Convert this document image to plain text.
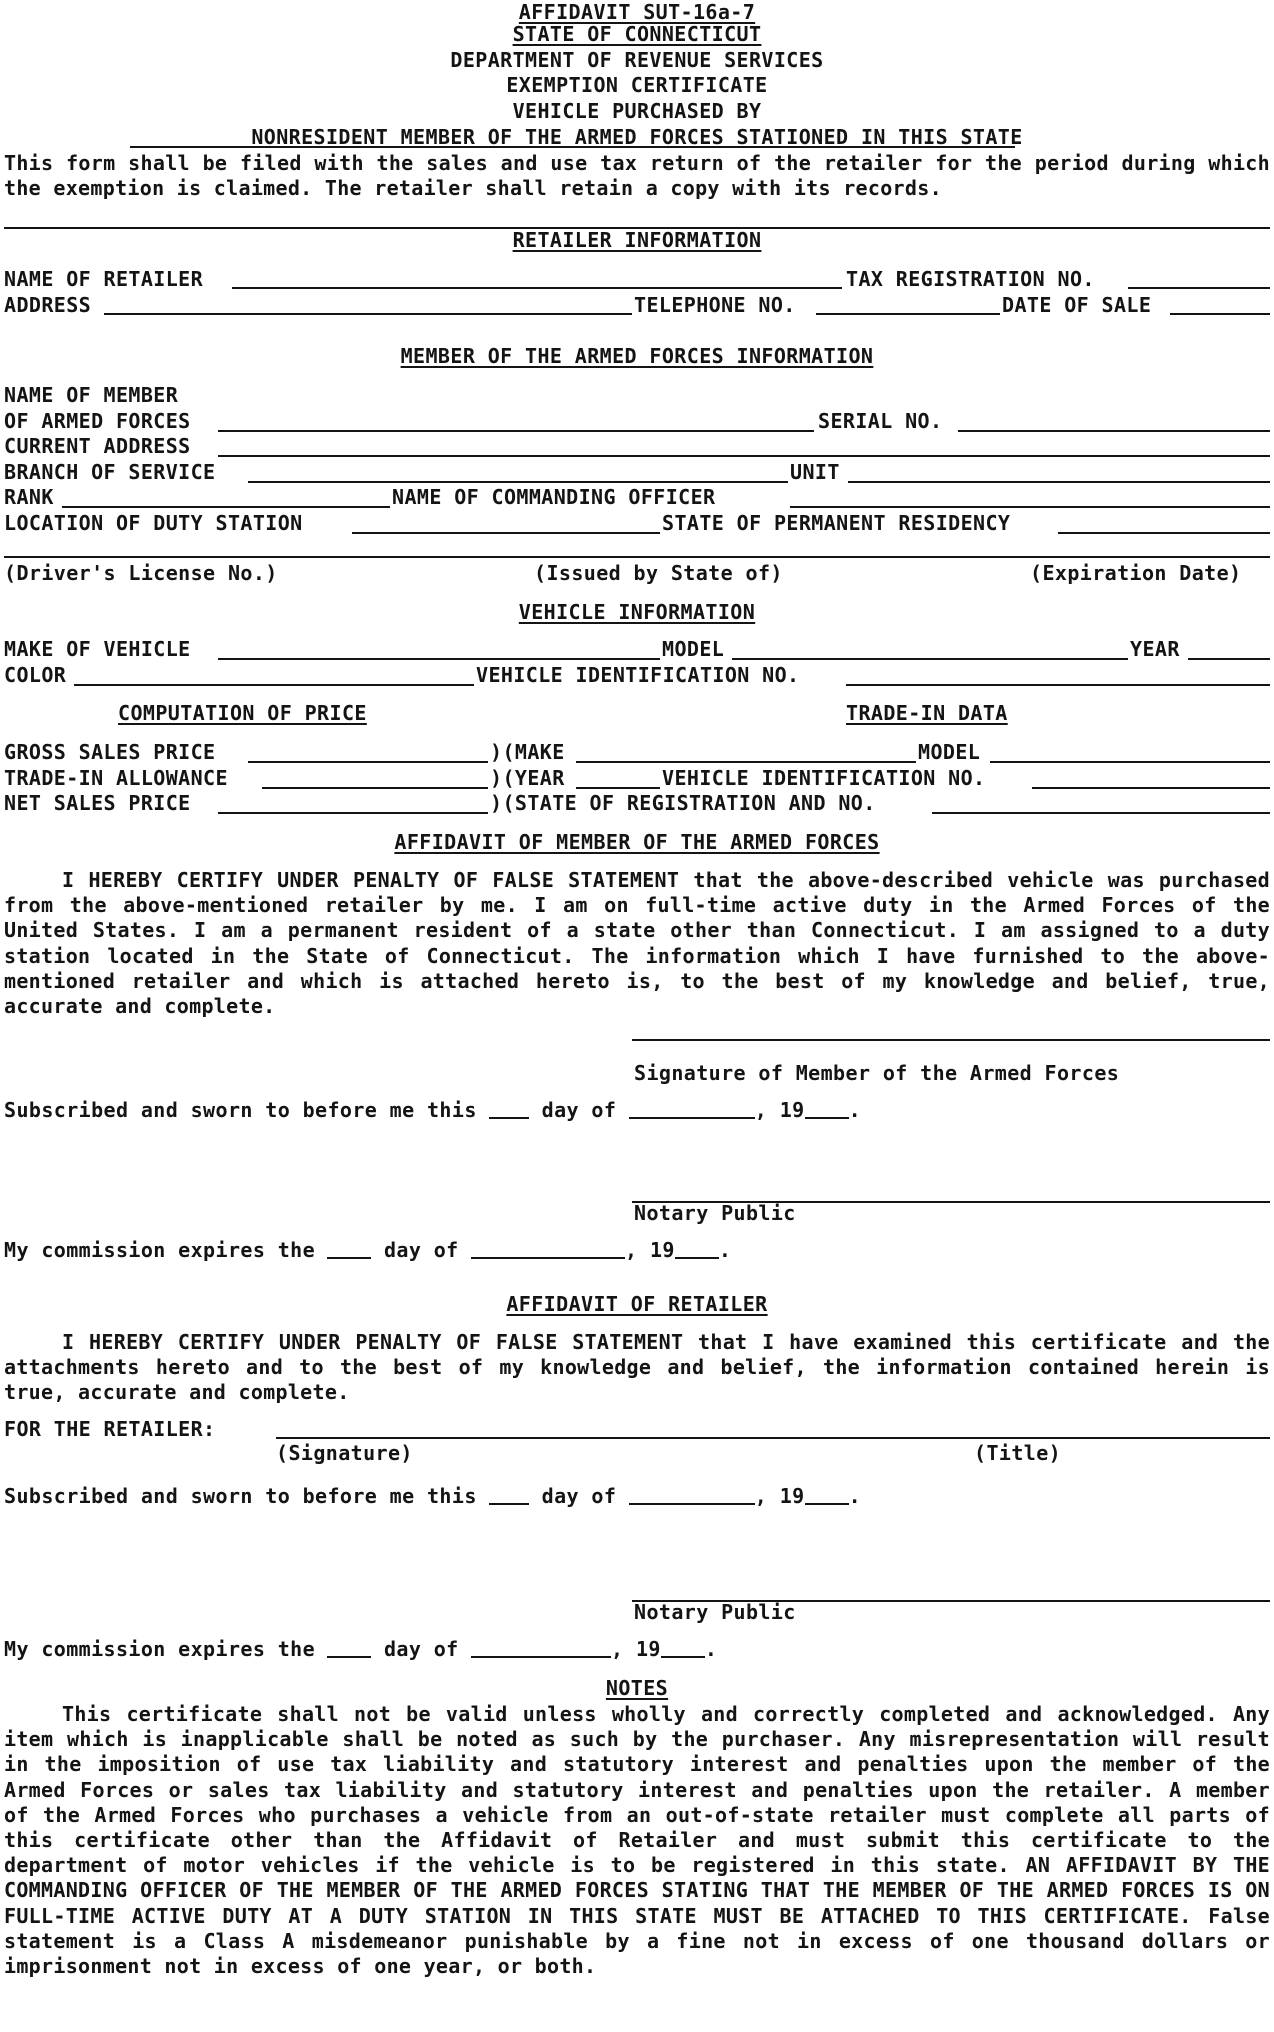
AFFIDAVIT SUT-16a-7
STATE OF CONNECTICUT
DEPARTMENT OF REVENUE SERVICES
EXEMPTION CERTIFICATE
VEHICLE PURCHASED BY
NONRESIDENT MEMBER OF THE ARMED FORCES STATIONED IN THIS STATE
This form shall be filed with the sales and use tax return of the retailer for the period during which the exemption is claimed. The retailer shall retain a copy with its records.
RETAILER INFORMATION
NAME OF RETAILER	TAX REGISTRATION NO.
ADDRESS	TELEPHONE NO.	DATE OF SALE
MEMBER OF THE ARMED FORCES INFORMATION
NAME OF MEMBER
OF ARMED FORCES	SERIAL NO.
CURRENT ADDRESS
BRANCH OF SERVICE	UNIT
RANK	NAME OF COMMANDING OFFICER
LOCATION OF DUTY STATION	STATE OF PERMANENT RESIDENCY
(Driver's License No.)	(Issued by State of)	(Expiration Date)
VEHICLE INFORMATION
MAKE OF VEHICLE	MODEL	YEAR
COLOR	VEHICLE IDENTIFICATION NO.
COMPUTATION OF PRICE	TRADE-IN DATA
GROSS SALES PRICE	)(MAKE	MODEL
TRADE-IN ALLOWANCE	)(YEAR	VEHICLE IDENTIFICATION NO.
NET SALES PRICE	)(STATE OF REGISTRATION AND NO.
AFFIDAVIT OF MEMBER OF THE ARMED FORCES
I HEREBY CERTIFY UNDER PENALTY OF FALSE STATEMENT that the above-described vehicle was purchased from the above-mentioned retailer by me. I am on full-time active duty in the Armed Forces of the United States. I am a permanent resident of a state other than Connecticut. I am assigned to a duty station located in the State of Connecticut. The information which I have furnished to the above-mentioned retailer and which is attached hereto is, to the best of my knowledge and belief, true, accurate and complete.
Signature of Member of the Armed Forces
Subscribed and sworn to before me this	day of	, 19 .
Notary Public
My commission expires the	day of	, 19 .
AFFIDAVIT OF RETAILER
I HEREBY CERTIFY UNDER PENALTY OF FALSE STATEMENT that I have examined this certificate and the attachments hereto and to the best of my knowledge and belief, the information contained herein is true, accurate and complete.
FOR THE RETAILER:
(Signature)	(Title)
Subscribed and sworn to before me this	day of	, 19 .
Notary Public
My commission expires the	day of	, 19 .
NOTES
This certificate shall not be valid unless wholly and correctly completed and acknowledged. Any item which is inapplicable shall be noted as such by the purchaser. Any misrepresentation will result in the imposition of use tax liability and statutory interest and penalties upon the member of the Armed Forces or sales tax liability and statutory interest and penalties upon the retailer. A member of the Armed Forces who purchases a vehicle from an out-of-state retailer must complete all parts of this certificate other than the Affidavit of Retailer and must submit this certificate to the department of motor vehicles if the vehicle is to be registered in this state. AN AFFIDAVIT BY THE COMMANDING OFFICER OF THE MEMBER OF THE ARMED FORCES STATING THAT THE MEMBER OF THE ARMED FORCES IS ON FULL-TIME ACTIVE DUTY AT A DUTY STATION IN THIS STATE MUST BE ATTACHED TO THIS CERTIFICATE. False statement is a Class A misdemeanor punishable by a fine not in excess of one thousand dollars or imprisonment not in excess of one year, or both.
